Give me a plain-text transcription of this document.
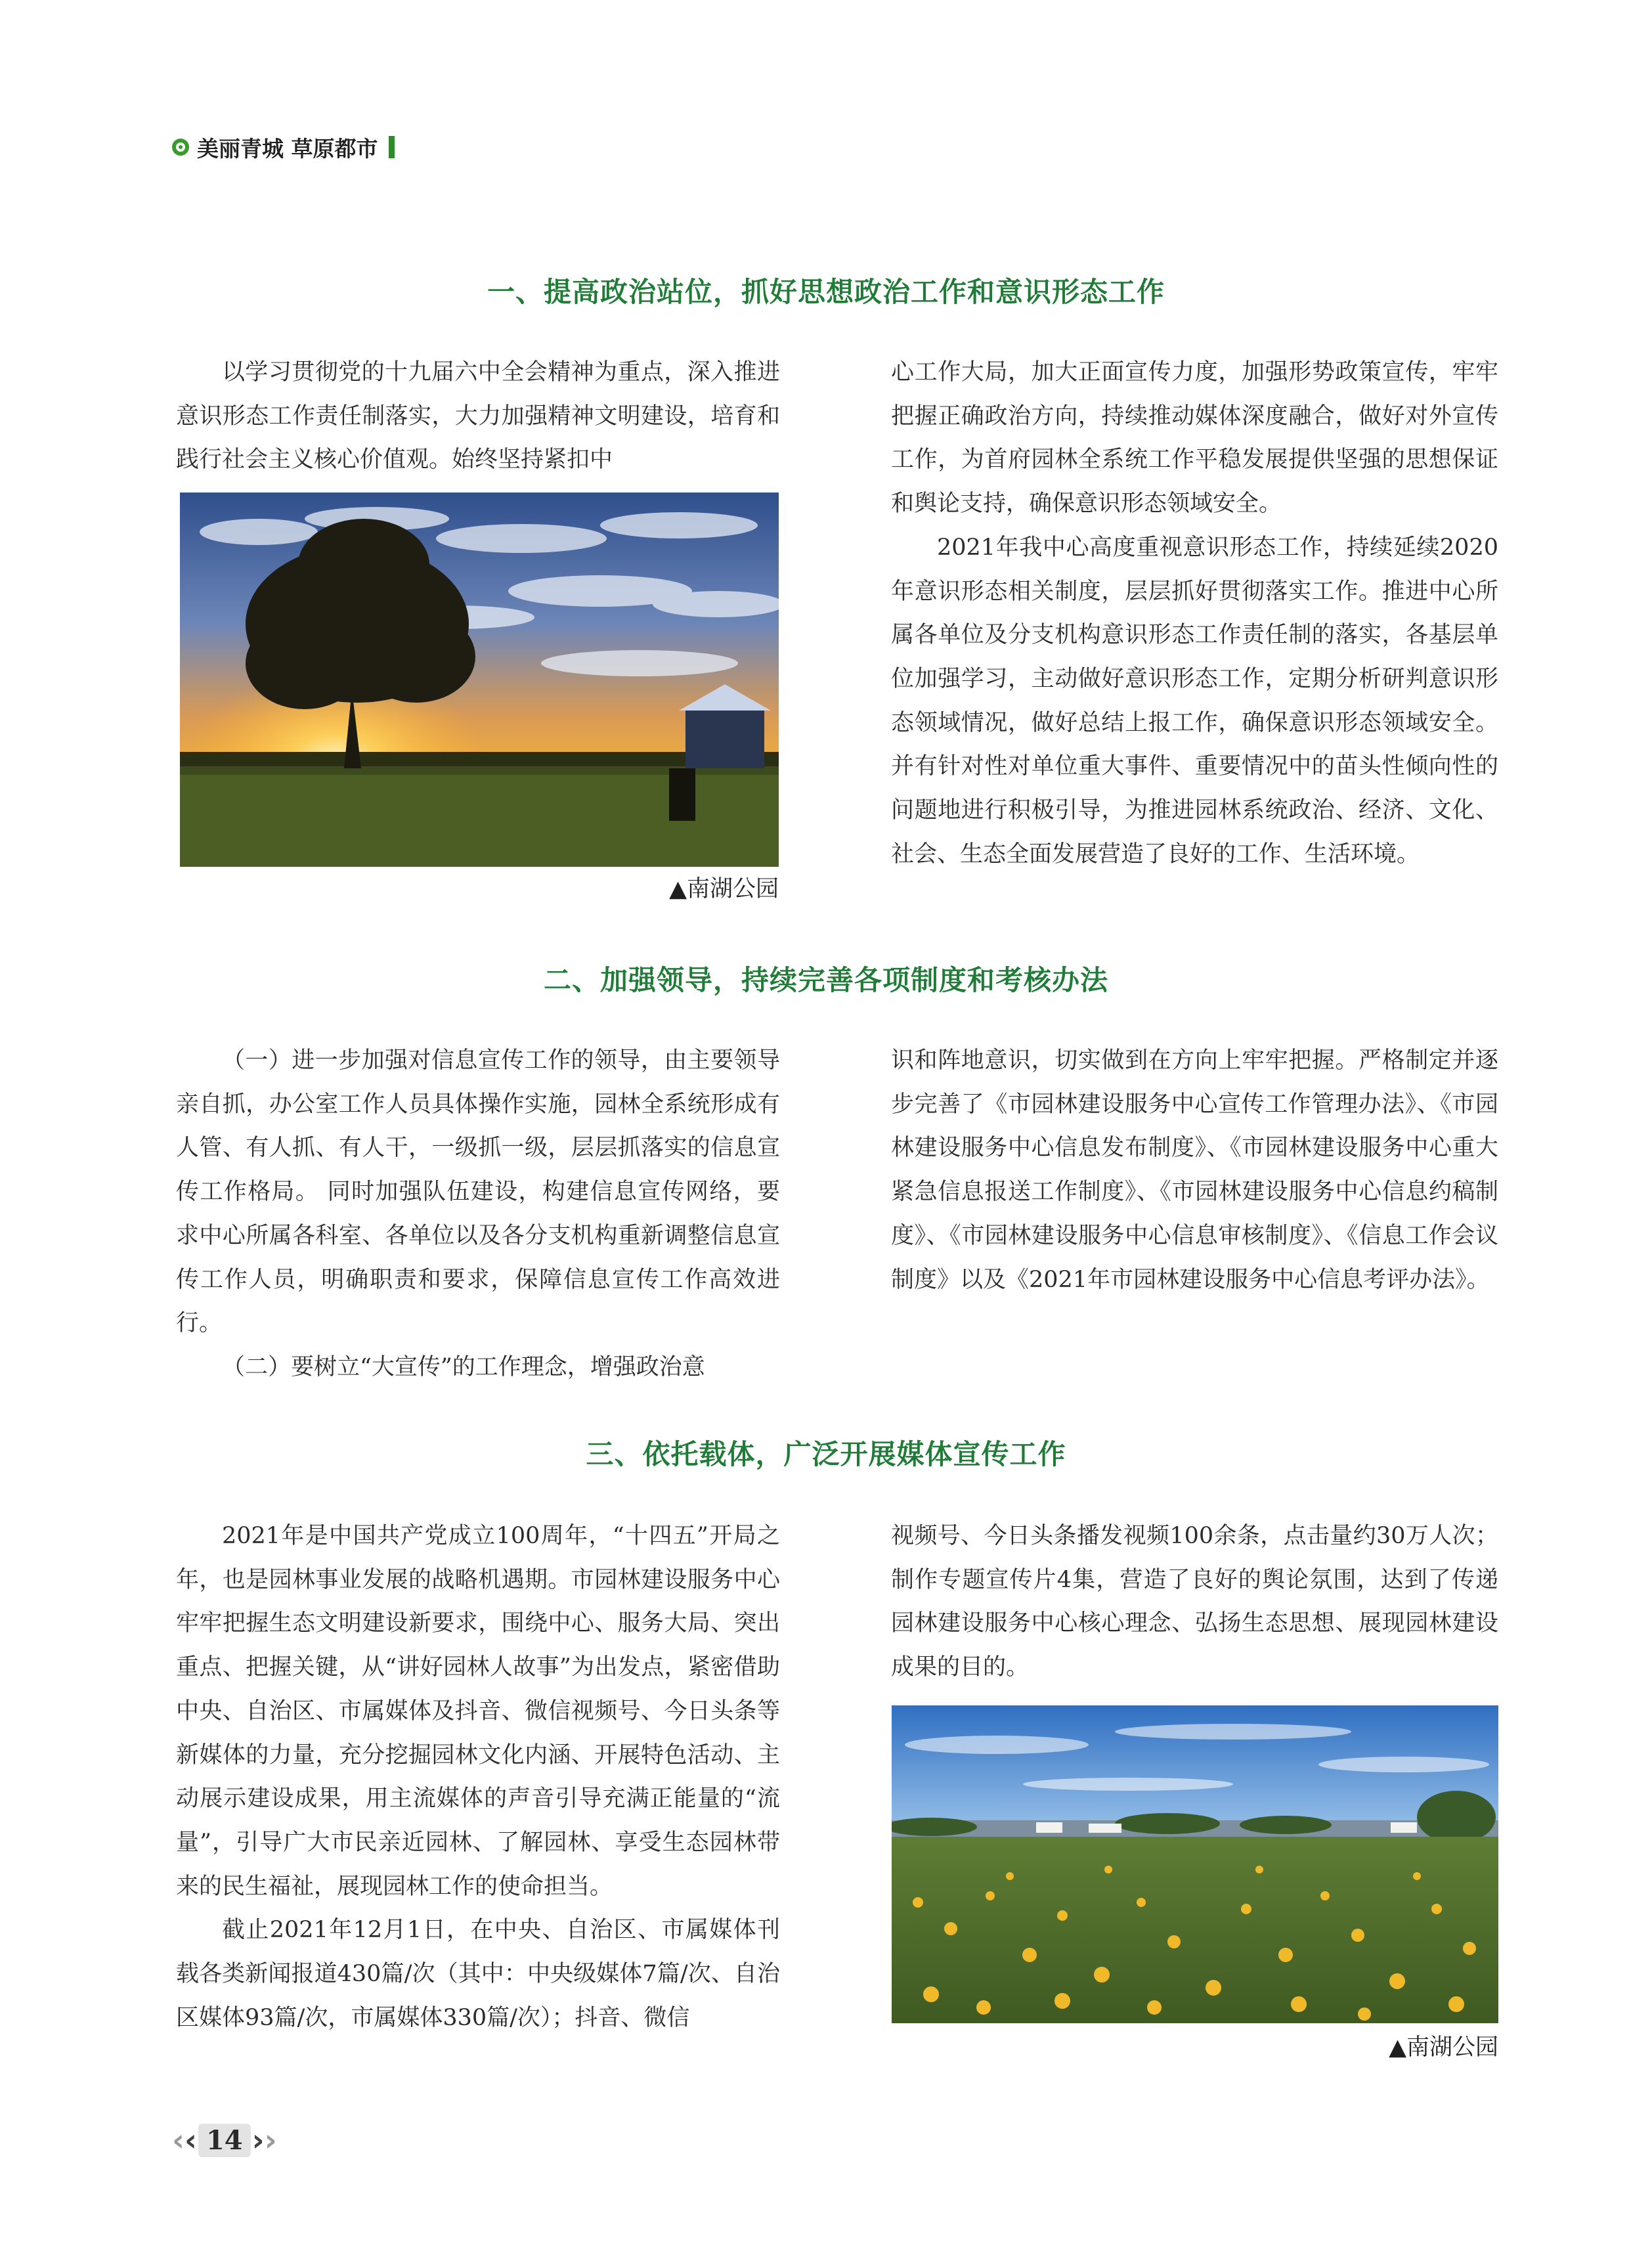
美丽青城 草原都市
一、提高政治站位，抓好思想政治工作和意识形态工作

以学习贯彻党的十九届六中全会精神为重点，深入推进意识形态工作责任制落实，大力加强精神文明建设，培育和践行社会主义核心价值观。始终坚持紧扣中

▲南湖公园

心工作大局，加大正面宣传力度，加强形势政策宣传，牢牢把握正确政治方向，持续推动媒体深度融合，做好对外宣传工作，为首府园林全系统工作平稳发展提供坚强的思想保证和舆论支持，确保意识形态领域安全。

2021年我中心高度重视意识形态工作，持续延续2020年意识形态相关制度，层层抓好贯彻落实工作。推进中心所属各单位及分支机构意识形态工作责任制的落实，各基层单位加强学习，主动做好意识形态工作，定期分析研判意识形态领域情况，做好总结上报工作，确保意识形态领域安全。并有针对性对单位重大事件、重要情况中的苗头性倾向性的问题地进行积极引导，为推进园林系统政治、经济、文化、社会、生态全面发展营造了良好的工作、生活环境。

二、加强领导，持续完善各项制度和考核办法

（一）进一步加强对信息宣传工作的领导，由主要领导亲自抓，办公室工作人员具体操作实施，园林全系统形成有人管、有人抓、有人干，一级抓一级，层层抓落实的信息宣传工作格局。 同时加强队伍建设，构建信息宣传网络，要求中心所属各科室、各单位以及各分支机构重新调整信息宣传工作人员，明确职责和要求，保障信息宣传工作高效进行。

（二）要树立“大宣传”的工作理念，增强政治意

识和阵地意识，切实做到在方向上牢牢把握。严格制定并逐步完善了《市园林建设服务中心宣传工作管理办法》、《市园林建设服务中心信息发布制度》、《市园林建设服务中心重大紧急信息报送工作制度》、《市园林建设服务中心信息约稿制度》、《市园林建设服务中心信息审核制度》、《信息工作会议制度》以及《2021年市园林建设服务中心信息考评办法》。

三、依托载体，广泛开展媒体宣传工作

2021年是中国共产党成立100周年，“十四五”开局之年，也是园林事业发展的战略机遇期。市园林建设服务中心牢牢把握生态文明建设新要求，围绕中心、服务大局、突出重点、把握关键，从“讲好园林人故事”为出发点，紧密借助中央、自治区、市属媒体及抖音、微信视频号、今日头条等新媒体的力量，充分挖掘园林文化内涵、开展特色活动、主动展示建设成果，用主流媒体的声音引导充满正能量的“流量”，引导广大市民亲近园林、了解园林、享受生态园林带来的民生福祉，展现园林工作的使命担当。

截止2021年12月1日，在中央、自治区、市属媒体刊载各类新闻报道430篇/次（其中：中央级媒体7篇/次、自治区媒体93篇/次，市属媒体330篇/次）；抖音、微信

视频号、今日头条播发视频100余条，点击量约30万人次；制作专题宣传片4集，营造了良好的舆论氛围，达到了传递园林建设服务中心核心理念、弘扬生态思想、展现园林建设成果的目的。

▲南湖公园
‹ ‹ 14 › ›
